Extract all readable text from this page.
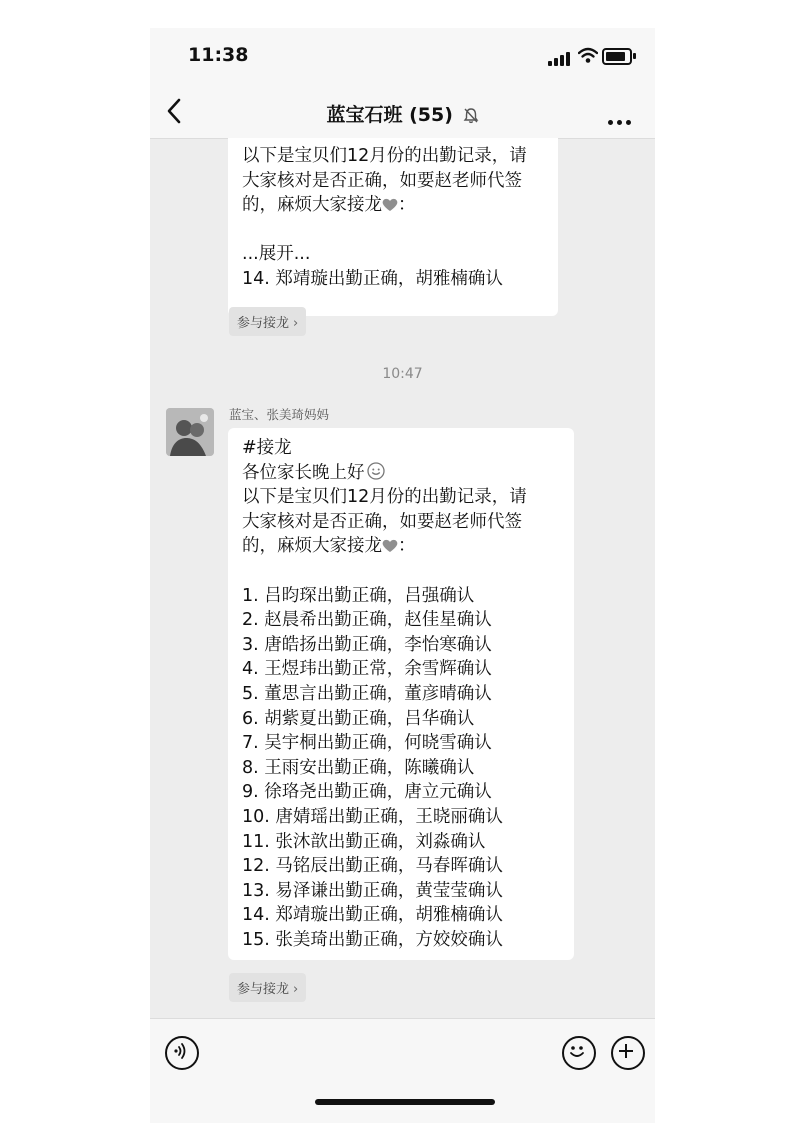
11:38
蓝宝石班 (55)
以下是宝贝们12月份的出勤记录，请
大家核对是否正确，如要赵老师代签
的，麻烦大家接龙 ：
...展开...
14. 郑靖璇出勤正确，胡雅楠确认
参与接龙 ›
10:47
蓝宝、张美琦妈妈
#接龙
各位家长晚上好
以下是宝贝们12月份的出勤记录，请
大家核对是否正确，如要赵老师代签
的，麻烦大家接龙 ：
1. 吕昀琛出勤正确，吕强确认
2. 赵晨希出勤正确，赵佳星确认
3. 唐皓扬出勤正确，李怡寒确认
4. 王煜玮出勤正常，余雪辉确认
5. 董思言出勤正确，董彦晴确认
6. 胡紫夏出勤正确，吕华确认
7. 吴宇桐出勤正确，何晓雪确认
8. 王雨安出勤正确，陈曦确认
9. 徐珞尧出勤正确，唐立元确认
10. 唐婧瑶出勤正确，王晓丽确认
11. 张沐歆出勤正确，刘淼确认
12. 马铭辰出勤正确，马春晖确认
13. 易泽谦出勤正确，黄莹莹确认
14. 郑靖璇出勤正确，胡雅楠确认
15. 张美琦出勤正确，方姣姣确认
参与接龙 ›
